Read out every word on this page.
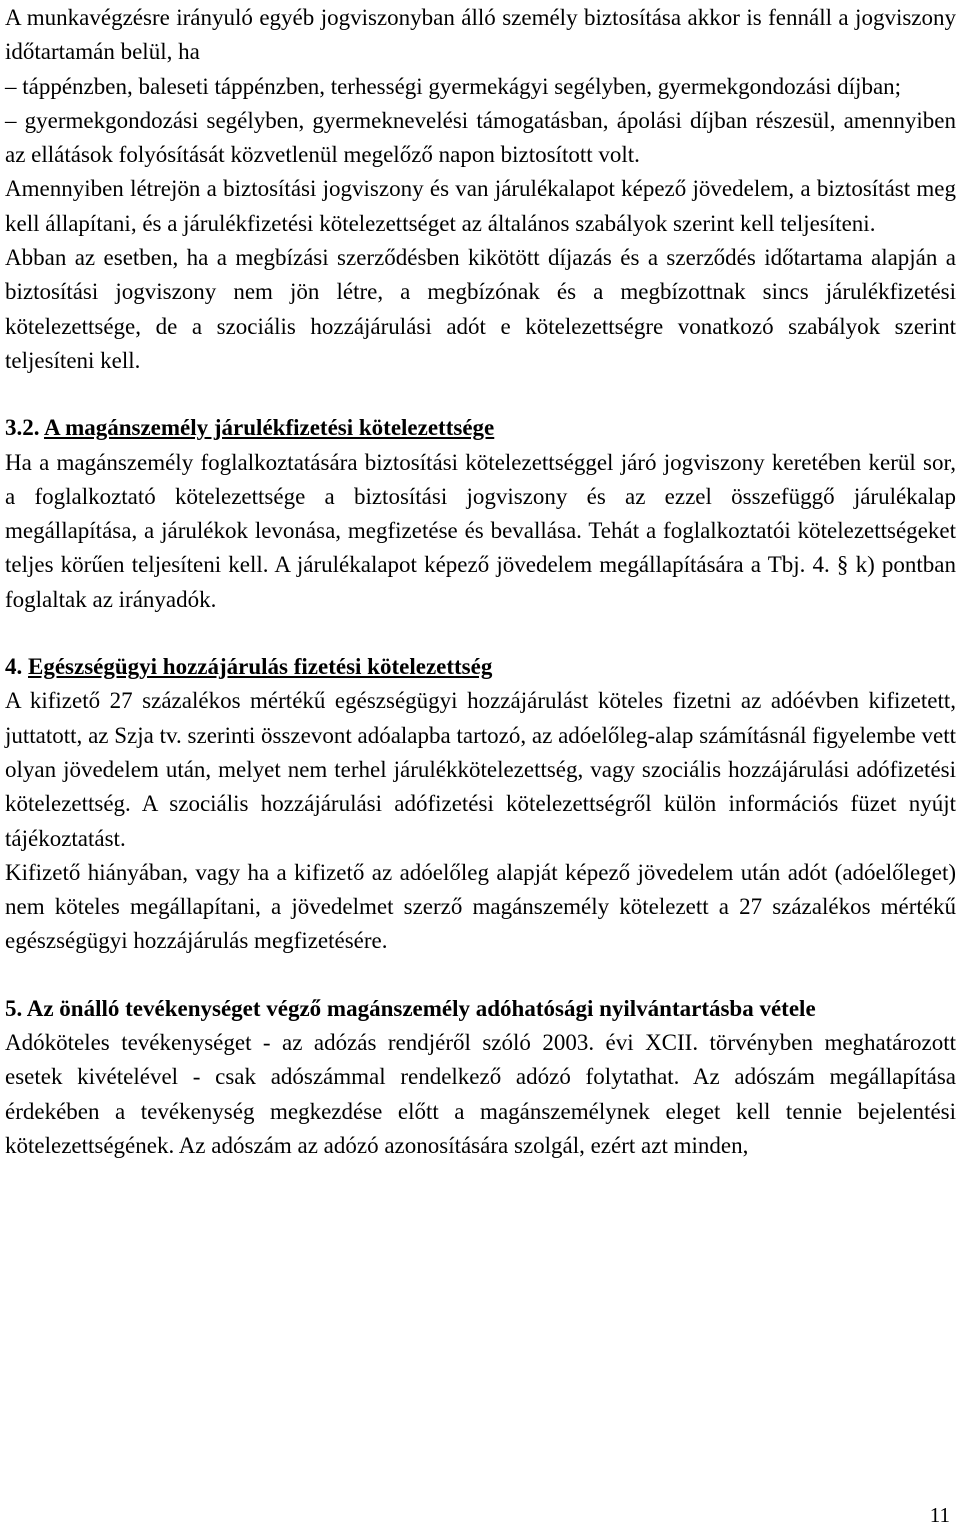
A munkavégzésre irányuló egyéb jogviszonyban álló személy biztosítása akkor is fennáll a jogviszony időtartamán belül, ha

– táppénzben, baleseti táppénzben, terhességi gyermekágyi segélyben, gyermekgondozási díjban;

– gyermekgondozási segélyben, gyermeknevelési támogatásban, ápolási díjban részesül, amennyiben az ellátások folyósítását közvetlenül megelőző napon biztosított volt.

Amennyiben létrejön a biztosítási jogviszony és van járulékalapot képező jövedelem, a biztosítást meg kell állapítani, és a járulékfizetési kötelezettséget az általános szabályok szerint kell teljesíteni.

Abban az esetben, ha a megbízási szerződésben kikötött díjazás és a szerződés időtartama alapján a biztosítási jogviszony nem jön létre, a megbízónak és a megbízottnak sincs járulékfizetési kötelezettsége, de a szociális hozzájárulási adót e kötelezettségre vonatkozó szabályok szerint teljesíteni kell.

3.2. A magánszemély járulékfizetési kötelezettsége

Ha a magánszemély foglalkoztatására biztosítási kötelezettséggel járó jogviszony keretében kerül sor, a foglalkoztató kötelezettsége a biztosítási jogviszony és az ezzel összefüggő járulékalap megállapítása, a járulékok levonása, megfizetése és bevallása. Tehát a foglalkoztatói kötelezettségeket teljes körűen teljesíteni kell. A járulékalapot képező jövedelem megállapítására a Tbj. 4. § k) pontban foglaltak az irányadók.

4. Egészségügyi hozzájárulás fizetési kötelezettség

A kifizető 27 százalékos mértékű egészségügyi hozzájárulást köteles fizetni az adóévben kifizetett, juttatott, az Szja tv. szerinti összevont adóalapba tartozó, az adóelőleg-alap számításnál figyelembe vett olyan jövedelem után, melyet nem terhel járulékkötelezettség, vagy szociális hozzájárulási adófizetési kötelezettség. A szociális hozzájárulási adófizetési kötelezettségről külön információs füzet nyújt tájékoztatást.

Kifizető hiányában, vagy ha a kifizető az adóelőleg alapját képező jövedelem után adót (adóelőleget) nem köteles megállapítani, a jövedelmet szerző magánszemély kötelezett a 27 százalékos mértékű egészségügyi hozzájárulás megfizetésére.

5. Az önálló tevékenységet végző magánszemély adóhatósági nyilvántartásba vétele

Adóköteles tevékenységet - az adózás rendjéről szóló 2003. évi XCII. törvényben meghatározott esetek kivételével - csak adószámmal rendelkező adózó folytathat. Az adószám megállapítása érdekében a tevékenység megkezdése előtt a magánszemélynek eleget kell tennie bejelentési kötelezettségének. Az adószám az adózó azonosítására szolgál, ezért azt minden,

11
